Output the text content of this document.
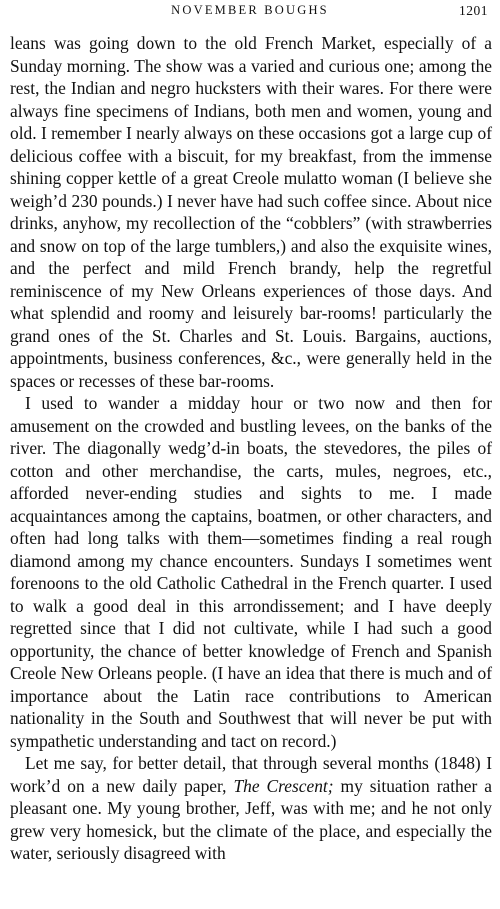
NOVEMBER BOUGHS	1201

leans was going down to the old French Market, especially of a Sunday morning. The show was a varied and curious one; among the rest, the Indian and negro hucksters with their wares. For there were always fine specimens of Indians, both men and women, young and old. I remember I nearly always on these occasions got a large cup of delicious coffee with a biscuit, for my breakfast, from the immense shining copper kettle of a great Creole mulatto woman (I believe she weigh’d 230 pounds.) I never have had such coffee since. About nice drinks, anyhow, my recollection of the “cobblers” (with strawberries and snow on top of the large tumblers,) and also the exquisite wines, and the perfect and mild French brandy, help the regretful reminiscence of my New Orleans experiences of those days. And what splendid and roomy and leisurely bar-rooms! particularly the grand ones of the St. Charles and St. Louis. Bargains, auctions, appointments, business conferences, &c., were generally held in the spaces or recesses of these bar-rooms.

I used to wander a midday hour or two now and then for amusement on the crowded and bustling levees, on the banks of the river. The diagonally wedg’d-in boats, the stevedores, the piles of cotton and other merchandise, the carts, mules, negroes, etc., afforded never-ending studies and sights to me. I made acquaintances among the captains, boatmen, or other characters, and often had long talks with them—sometimes finding a real rough diamond among my chance encounters. Sundays I sometimes went forenoons to the old Catholic Cathedral in the French quarter. I used to walk a good deal in this arrondissement; and I have deeply regretted since that I did not cultivate, while I had such a good opportunity, the chance of better knowledge of French and Spanish Creole New Orleans people. (I have an idea that there is much and of importance about the Latin race contributions to American nationality in the South and Southwest that will never be put with sympathetic understanding and tact on record.)

Let me say, for better detail, that through several months (1848) I work’d on a new daily paper, The Crescent; my situation rather a pleasant one. My young brother, Jeff, was with me; and he not only grew very homesick, but the climate of the place, and especially the water, seriously disagreed with
